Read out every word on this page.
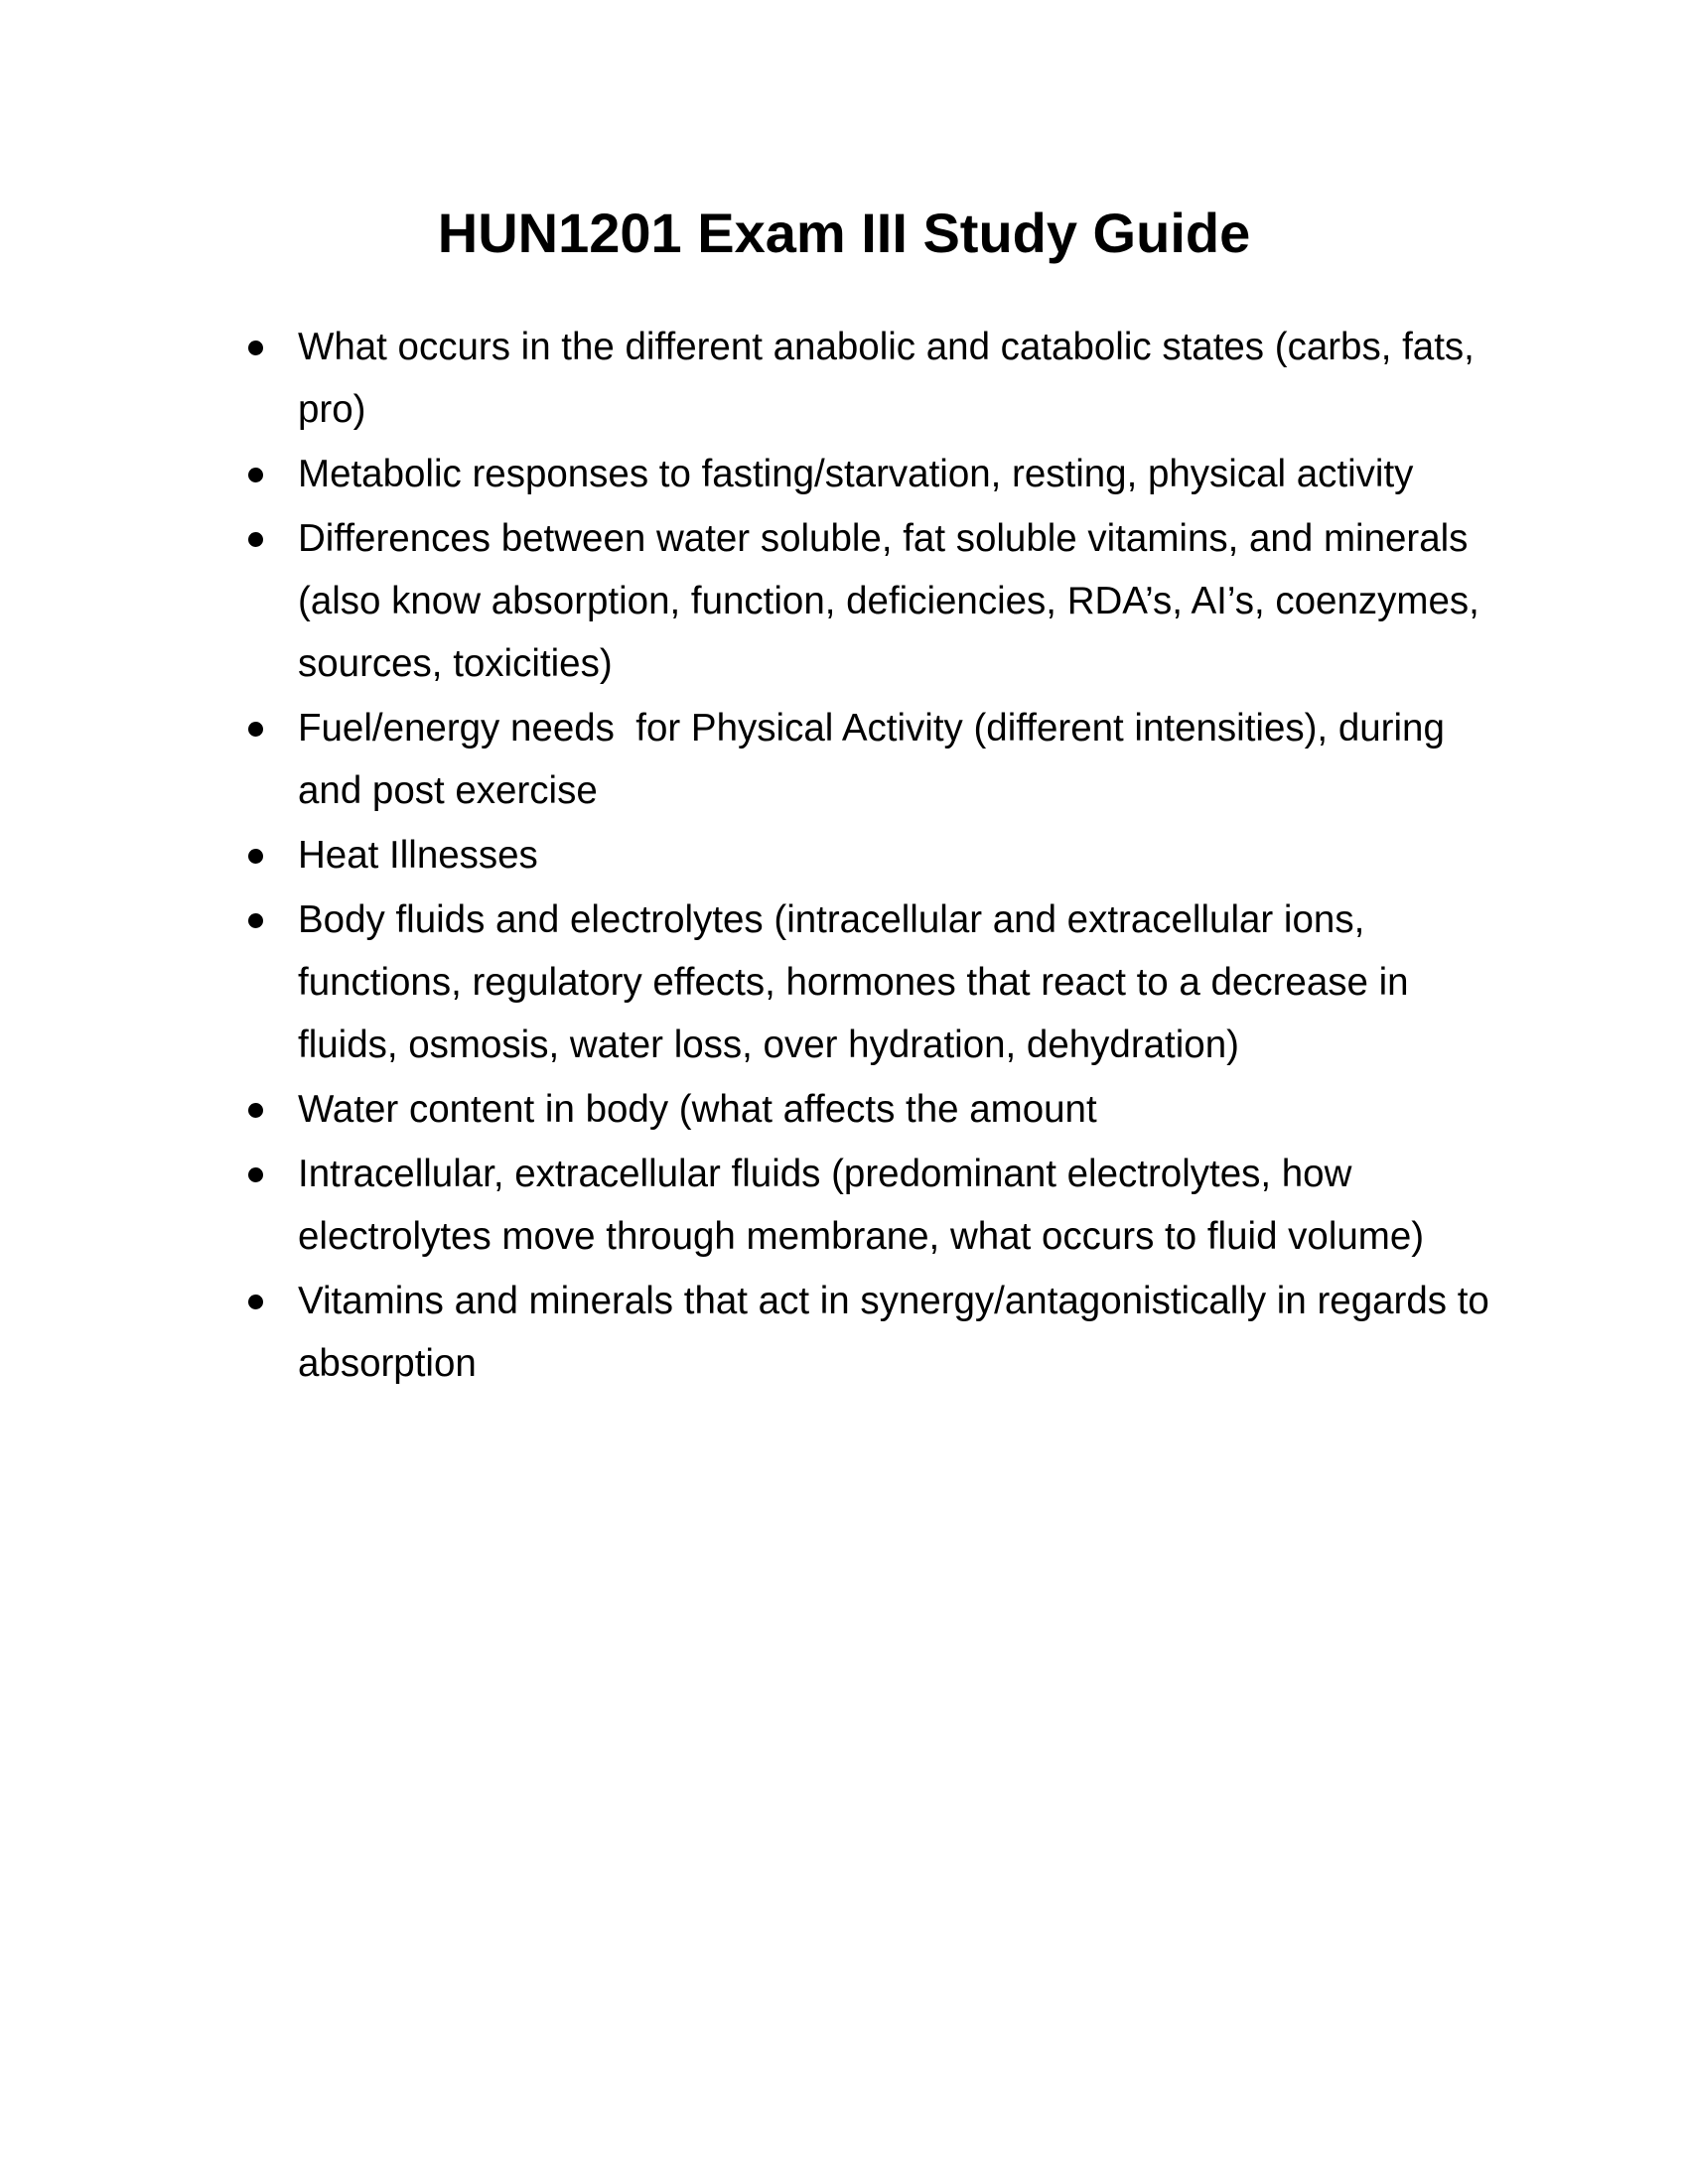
HUN1201 Exam III Study Guide
What occurs in the different anabolic and catabolic states (carbs, fats, pro)
Metabolic responses to fasting/starvation, resting, physical activity
Differences between water soluble, fat soluble vitamins, and minerals (also know absorption, function, deficiencies, RDA’s, AI’s, coenzymes, sources, toxicities)
Fuel/energy needs  for Physical Activity (different intensities), during and post exercise
Heat Illnesses
Body fluids and electrolytes (intracellular and extracellular ions, functions, regulatory effects, hormones that react to a decrease in fluids, osmosis, water loss, over hydration, dehydration)
Water content in body (what affects the amount
Intracellular, extracellular fluids (predominant electrolytes, how electrolytes move through membrane, what occurs to fluid volume)
Vitamins and minerals that act in synergy/antagonistically in regards to absorption
